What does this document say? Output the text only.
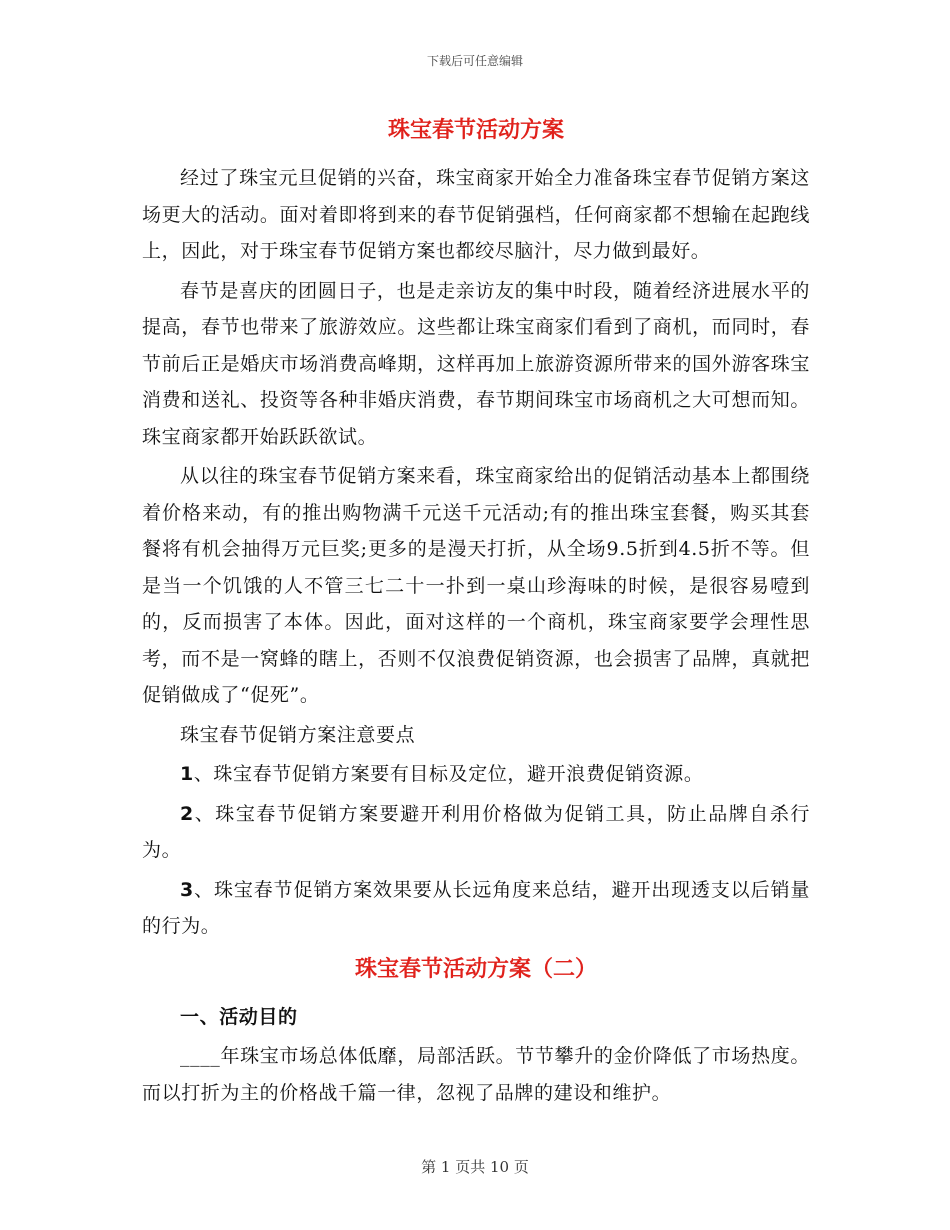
下载后可任意编辑
珠宝春节活动方案

经过了珠宝元旦促销的兴奋，珠宝商家开始全力准备珠宝春节促销方案这场更大的活动。面对着即将到来的春节促销强档，任何商家都不想输在起跑线上，因此，对于珠宝春节促销方案也都绞尽脑汁，尽力做到最好。

春节是喜庆的团圆日子，也是走亲访友的集中时段，随着经济进展水平的提高，春节也带来了旅游效应。这些都让珠宝商家们看到了商机，而同时，春节前后正是婚庆市场消费高峰期，这样再加上旅游资源所带来的国外游客珠宝消费和送礼、投资等各种非婚庆消费，春节期间珠宝市场商机之大可想而知。珠宝商家都开始跃跃欲试。

从以往的珠宝春节促销方案来看，珠宝商家给出的促销活动基本上都围绕着价格来动，有的推出购物满千元送千元活动;有的推出珠宝套餐，购买其套餐将有机会抽得万元巨奖;更多的是漫天打折，从全场9.5折到4.5折不等。但是当一个饥饿的人不管三七二十一扑到一桌山珍海味的时候，是很容易噎到的，反而损害了本体。因此，面对这样的一个商机，珠宝商家要学会理性思考，而不是一窝蜂的瞎上，否则不仅浪费促销资源，也会损害了品牌，真就把促销做成了“促死”。

珠宝春节促销方案注意要点

1、珠宝春节促销方案要有目标及定位，避开浪费促销资源。

2、珠宝春节促销方案要避开利用价格做为促销工具，防止品牌自杀行为。

3、珠宝春节促销方案效果要从长远角度来总结，避开出现透支以后销量的行为。

珠宝春节活动方案（二）

一、活动目的

____年珠宝市场总体低靡，局部活跃。节节攀升的金价降低了市场热度。而以打折为主的价格战千篇一律，忽视了品牌的建设和维护。

第 1 页共 10 页
